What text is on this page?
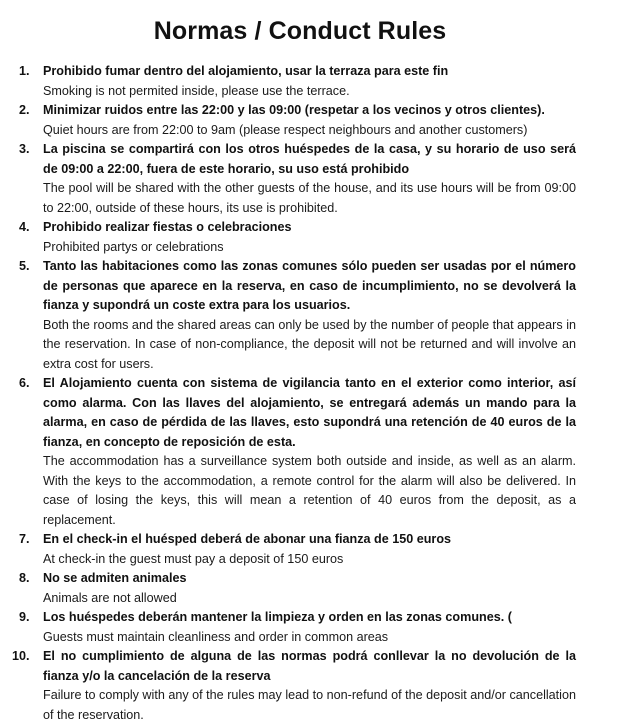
Normas / Conduct Rules
1. Prohibido fumar dentro del alojamiento, usar la terraza para este fin
Smoking is not permited inside, please use the terrace.
2. Minimizar ruidos entre las 22:00 y las 09:00 (respetar a los vecinos y otros clientes).
Quiet hours are from 22:00 to 9am (please respect neighbours and another customers)
3. La piscina se compartirá con los otros huéspedes de la casa, y su horario de uso será de 09:00 a 22:00, fuera de este horario, su uso está prohibido
The pool will be shared with the other guests of the house, and its use hours will be from 09:00 to 22:00, outside of these hours, its use is prohibited.
4. Prohibido realizar fiestas o celebraciones
Prohibited partys or celebrations
5. Tanto las habitaciones como las zonas comunes sólo pueden ser usadas por el número de personas que aparece en la reserva, en caso de incumplimiento, no se devolverá la fianza y supondrá un coste extra para los usuarios.
Both the rooms and the shared areas can only be used by the number of people that appears in the reservation. In case of non-compliance, the deposit will not be returned and will involve an extra cost for users.
6. El Alojamiento cuenta con sistema de vigilancia tanto en el exterior como interior, así como alarma. Con las llaves del alojamiento, se entregará además un mando para la alarma, en caso de pérdida de las llaves, esto supondrá una retención de 40 euros de la fianza, en concepto de reposición de esta.
The accommodation has a surveillance system both outside and inside, as well as an alarm. With the keys to the accommodation, a remote control for the alarm will also be delivered. In case of losing the keys, this will mean a retention of 40 euros from the deposit, as a replacement.
7. En el check-in el huésped deberá de abonar una fianza de 150 euros
At check-in the guest must pay a deposit of 150 euros
8. No se admiten animales
Animals are not allowed
9. Los huéspedes deberán mantener la limpieza y orden en las zonas comunes. (
Guests must maintain cleanliness and order in common areas
10. El no cumplimiento de alguna de las normas podrá conllevar la no devolución de la fianza y/o la cancelación de la reserva
Failure to comply with any of the rules may lead to non-refund of the deposit and/or cancellation of the reservation.
